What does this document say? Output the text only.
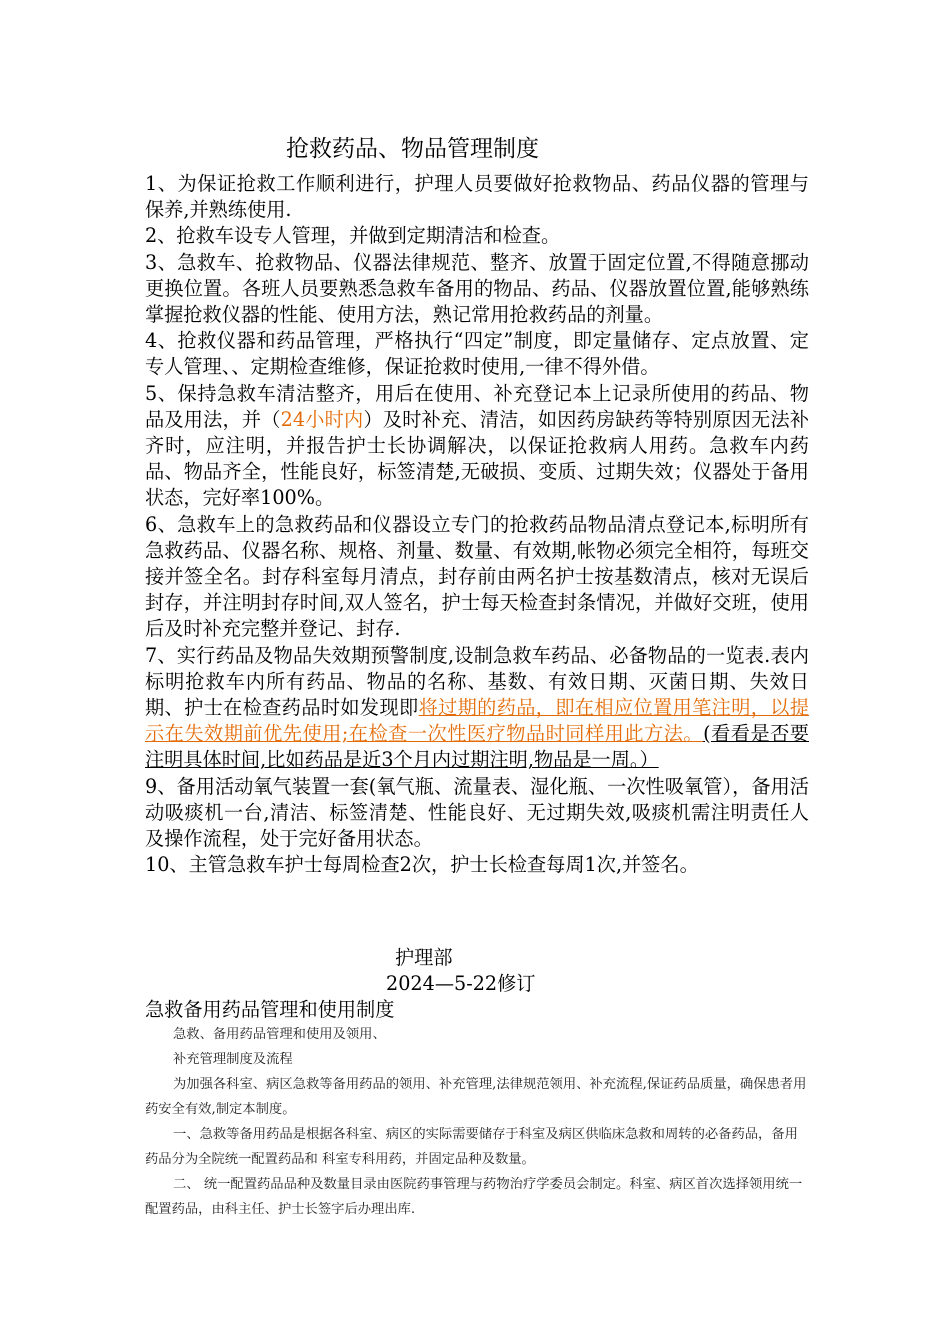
抢救药品、物品管理制度

1、为保证抢救工作顺利进行，护理人员要做好抢救物品、药品仪器的管理与保养,并熟练使用.

2、抢救车设专人管理，并做到定期清洁和检查。

3、急救车、抢救物品、仪器法律规范、整齐、放置于固定位置,不得随意挪动更换位置。各班人员要熟悉急救车备用的物品、药品、仪器放置位置,能够熟练掌握抢救仪器的性能、使用方法，熟记常用抢救药品的剂量。

4、抢救仪器和药品管理，严格执行“四定”制度，即定量储存、定点放置、定专人管理、、定期检查维修，保证抢救时使用,一律不得外借。

5、保持急救车清洁整齐，用后在使用、补充登记本上记录所使用的药品、物品及用法，并（24小时内）及时补充、清洁，如因药房缺药等特别原因无法补齐时，应注明，并报告护士长协调解决，以保证抢救病人用药。急救车内药品、物品齐全，性能良好，标签清楚,无破损、变质、过期失效；仪器处于备用状态，完好率100%。

6、急救车上的急救药品和仪器设立专门的抢救药品物品清点登记本,标明所有急救药品、仪器名称、规格、剂量、数量、有效期,帐物必须完全相符，每班交接并签全名。封存科室每月清点，封存前由两名护士按基数清点，核对无误后封存，并注明封存时间,双人签名，护士每天检查封条情况，并做好交班，使用后及时补充完整并登记、封存.

7、实行药品及物品失效期预警制度,设制急救车药品、必备物品的一览表.表内标明抢救车内所有药品、物品的名称、基数、有效日期、灭菌日期、失效日期、护士在检查药品时如发现即将过期的药品，即在相应位置用笔注明，以提示在失效期前优先使用;在检查一次性医疗物品时同样用此方法。(看看是否要注明具体时间,比如药品是近3个月内过期注明,物品是一周。）

9、备用活动氧气装置一套(氧气瓶、流量表、湿化瓶、一次性吸氧管），备用活动吸痰机一台,清洁、标签清楚、性能良好、无过期失效,吸痰机需注明责任人及操作流程，处于完好备用状态。

10、主管急救车护士每周检查2次，护士长检查每周1次,并签名。

护理部
2024—5-22修订
急救备用药品管理和使用制度

急救、备用药品管理和使用及领用、

补充管理制度及流程

为加强各科室、病区急救等备用药品的领用、补充管理,法律规范领用、补充流程,保证药品质量，确保患者用药安全有效,制定本制度。

一、急救等备用药品是根据各科室、病区的实际需要储存于科室及病区供临床急救和周转的必备药品，备用药品分为全院统一配置药品和 科室专科用药，并固定品种及数量。

二、 统一配置药品品种及数量目录由医院药事管理与药物治疗学委员会制定。科室、病区首次选择领用统一配置药品，由科主任、护士长签字后办理出库.
